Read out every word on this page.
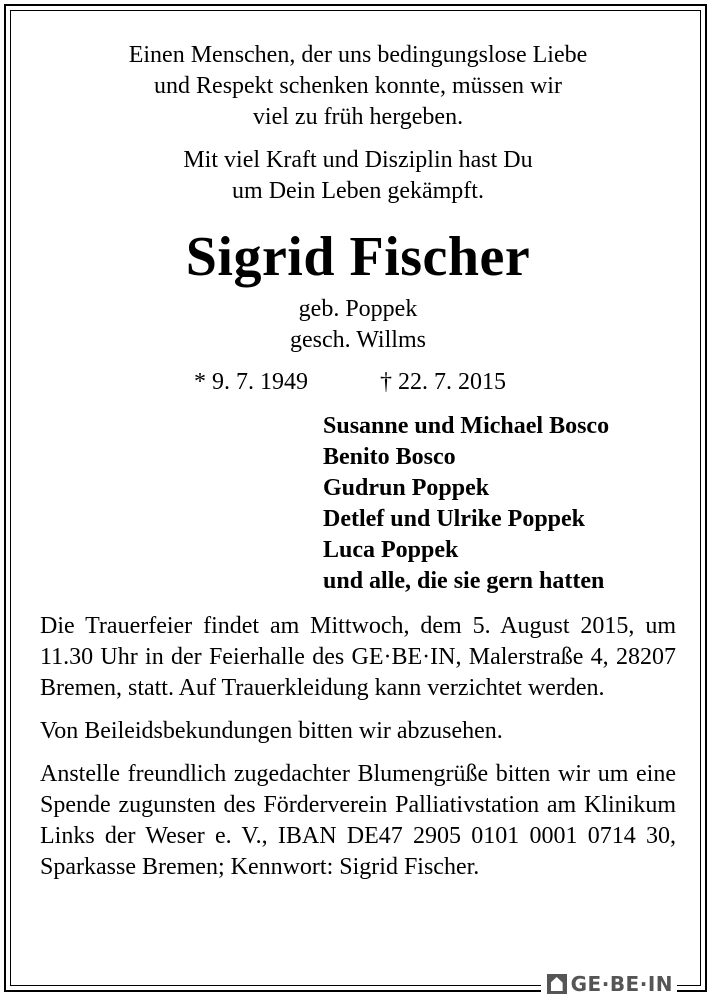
Einen Menschen, der uns bedingungslose Liebe

und Respekt schenken konnte, müssen wir

viel zu früh hergeben.

Mit viel Kraft und Disziplin hast Du

um Dein Leben gekämpft.

Sigrid Fischer
geb. Poppek
gesch. Willms
* 9. 7. 1949	† 22. 7. 2015
Susanne und Michael Bosco
Benito Bosco
Gudrun Poppek
Detlef und Ulrike Poppek
Luca Poppek
und alle, die sie gern hatten
Die Trauerfeier findet am Mittwoch, dem 5. August 2015, um 11.30 Uhr in der Feierhalle des GE·BE·IN, Malerstraße 4, 28207 Bremen, statt. Auf Trauerkleidung kann verzichtet werden.
Von Beileidsbekundungen bitten wir abzusehen.
Anstelle freundlich zugedachter Blumengrüße bitten wir um eine Spende zugunsten des Förderverein Palliativstation am Klinikum Links der Weser e. V., IBAN DE47 2905 0101 0001 0714 30, Sparkasse Bremen; Kennwort: Sigrid Fischer.
GE·BE·IN
